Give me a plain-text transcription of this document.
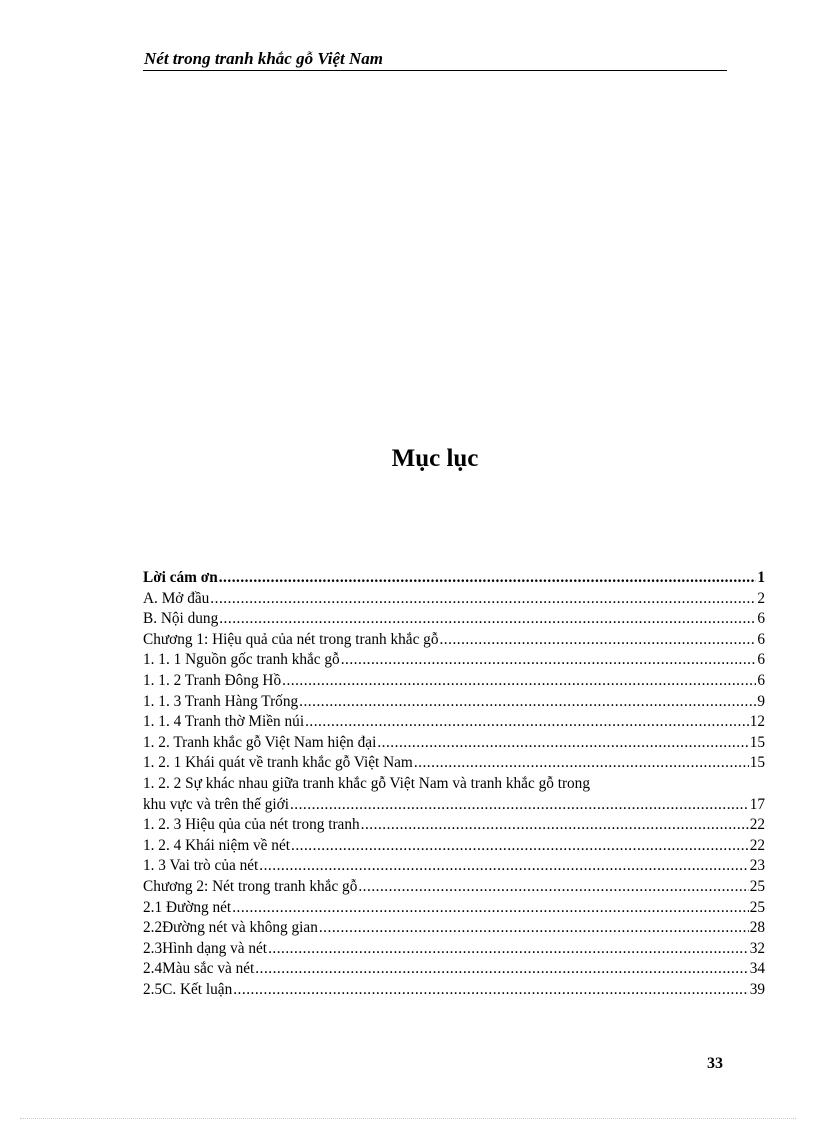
Nét trong tranh khắc gỗ Việt Nam
Mục lục
Lời cám ơn .....	1
A. Mở đầu .....	2
B. Nội dung .....	6
Chương 1: Hiệu quả của nét trong tranh khắc gỗ .....	6
1. 1. 1 Nguồn gốc tranh khắc gỗ .....	6
1. 1. 2 Tranh Đông Hồ .....	6
1. 1. 3 Tranh Hàng Trống .....	9
1. 1. 4 Tranh thờ Miền núi .....	12
1. 2. Tranh khắc gỗ Việt Nam hiện đại .....	15
1. 2. 1 Khái quát về tranh khắc gỗ Việt Nam .....	15
1. 2. 2 Sự khác nhau giữa tranh khắc gỗ Việt Nam và tranh khắc gỗ trong
khu vực và trên thế giới .....	17
1. 2. 3 Hiệu qủa của nét trong tranh .....	22
1. 2. 4 Khái niệm về nét .....	22
1. 3 Vai trò của nét .....	23
Chương 2: Nét trong tranh khắc gỗ .....	25
2.1 Đường nét .....	25
2.2Đường nét và không gian .....	28
2.3Hình dạng và nét .....	32
2.4Màu sắc và nét .....	34
2.5C. Kết luận .....	39
33
